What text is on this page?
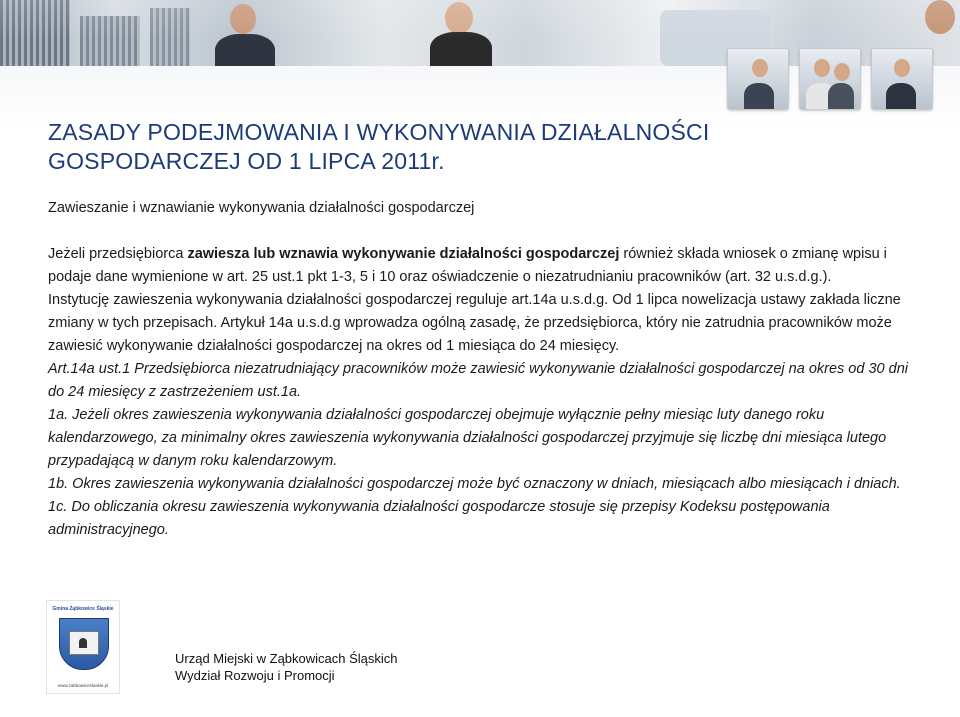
ZASADY PODEJMOWANIA I WYKONYWANIA DZIAŁALNOŚCI GOSPODARCZEJ OD 1 LIPCA 2011r.
Zawieszanie i wznawianie wykonywania działalności gospodarczej

Jeżeli przedsiębiorca zawiesza lub wznawia wykonywanie działalności gospodarczej również składa wniosek o zmianę wpisu i podaje dane wymienione w art. 25 ust.1 pkt 1-3, 5 i 10 oraz oświadczenie o niezatrudnianiu pracowników (art. 32 u.s.d.g.).

Instytucję zawieszenia wykonywania działalności gospodarczej reguluje art.14a u.s.d.g. Od 1 lipca nowelizacja ustawy zakłada liczne zmiany w tych przepisach. Artykuł 14a u.s.d.g wprowadza ogólną zasadę, że przedsiębiorca, który nie zatrudnia pracowników może zawiesić wykonywanie działalności gospodarczej na okres od 1 miesiąca do 24 miesięcy.

Art.14a ust.1 Przedsiębiorca niezatrudniający pracowników może zawiesić wykonywanie działalności gospodarczej na okres od 30 dni do 24 miesięcy z zastrzeżeniem ust.1a.

1a. Jeżeli okres zawieszenia wykonywania działalności gospodarczej obejmuje wyłącznie pełny miesiąc luty danego roku kalendarzowego, za minimalny okres zawieszenia wykonywania działalności gospodarczej przyjmuje się liczbę dni miesiąca lutego przypadającą w danym roku kalendarzowym.

1b. Okres zawieszenia wykonywania działalności gospodarczej może być oznaczony w dniach, miesiącach albo miesiącach i dniach.

1c. Do obliczania okresu zawieszenia wykonywania działalności gospodarcze stosuje się przepisy Kodeksu postępowania administracyjnego.

Gmina Ząbkowice Śląskie
www.zabkowiceslaskie.pl
Urząd Miejski w Ząbkowicach Śląskich
Wydział Rozwoju i Promocji
